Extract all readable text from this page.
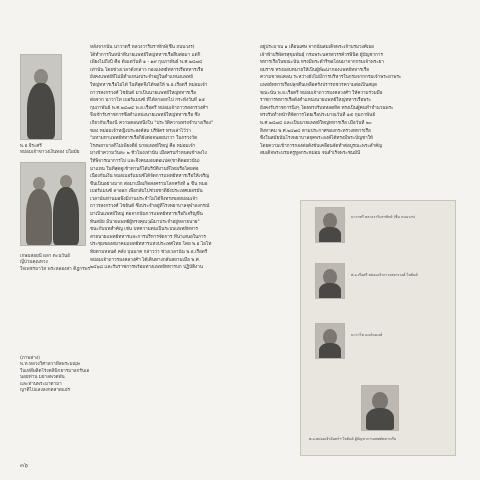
พ.อ.จีระศรี
หม่อมเจ้าขาวงเงินทอง ปโยมัย
เกษมสอยนี ผลา ตะนวันอ์
ญี่ป่วนคุณหวง
ใจเพชรมาวัส พร่ะหลองสา ติฎกรพร
(ภาพล่าง)
พ.ท.หลวงวิศาลวาทีลพระมณุษ
ในเท่ดีผลิตโร่งคลินิกยารมาลกรันเอ
นอยท่าน มยาลพวดพัน
และท่านพระมาตามา
ญาติไปแลงลงกตสาดแอ่ร
หลังจากนั้น นาวาตรี หลวงวาริมราทักษ์(ชื่น ถนนวงร)
ได้ทำการในหน้าที่นายแพทย์ใหญ่ทหารเรือสืบต่อมา แต่ก็
เพียงไม่ถึงปี คือ ตั้งแต่วันที่ ๑ - ๑๙ กุมภาพันธ์ พ.ศ.๒๔๗๔
เท่านั้น โดยช่วงเวลาดังกล่าว กองแพทย์ทหารเรือทหารเรือ
ยังคงแพทย์ที่ไม่มีตำแหน่งประจำอยู่ในตำแหน่งแพทย์
ใหญ่ทหารเรือไม่ได้ ในที่สุดจึงได้ขอให้ พ.อ.เรือตรี หม่อมเจ้า
ถาวรสงกรวงศ์ ไชยันต์ มาเป็นนายแพทย์ใหญ่ทหารเรือ
ต่อจาก นาวาโท เบอร์แมนซ์ ที่ได้ลาออกไป กระทั่งวันที่ ๑๕
กุมภาพันธ์ พ.ศ.๒๔๗๔ พ.อ.เรือตรี หม่อมเจ้าถาวรสงกรวงศ์ฯ
จึงเข้ารับราชการซึ่งตำแหน่งนายแพทย์ใหญ่ทหารเรือ ซึ่ง
เกี่ยวกับเรื่องนี้ ความตอนหนึ่งใน "ประวัติความทรงจำบางเรื่อง"
ของ หม่อมเจ้าหญิงประสงค์สม บริพัตร ทรงเล่าไว้ว่า
"มหามหาแพทย์ทหารเรือก็ยังต่อจนอยนาวา ในกรวงวัด
โรงพยาบาลก็ไม่เพียงดีย์ นายแพทย์ใหญ่ คือ หม่อมเจ้า
มาเข้าความวันละ ๒ ชั่วโมงเท่านั้น เมื่อครบกำหนดเข้าลงไง
ให้พิจารณาการไป และจึงคนมอบต่อแปด(ชาติดอยวนัน)
มาแทน ในที่สุดดูเข้าท่านก็ได้บริบัติงานที่ไทยเรือโดยต่อ
เนื่องกันเงิน หมอเบอร์แมนซ์ได้จัดการแพทย์ทหารเรือให้เจริญ
ขึ้นเป็นอย่างมาก ต่อมาเมื่อเกิดสงครามโลกครั้งที่ ๑ ขึ้น หมอ
เบอร์แมนซ์ ลาออก เพื่อกลับไปช่วยชาติยังประเทศเยอรมัน
เวลานั้นท่านมอพึ่งมีงานประจำไม่ได้จึงทรงขอหม่อมเจ้า
ถาวรสงกรวงศ์ ไชยันต์ ซึ่งประจำอยู่ที่โรงพยาบาลจุฬาลงกรณ์
มาเป็นแพทย์ใหญ่ ต่อจากนั้นการแพทย์ทหารเรือก็เจริญขึ้น
ทันสมัย มีนายแพทย์ผู้ทรงคุณวุฒิมาประจำอยู่หลายนาย"
ชนะกับบทสำคัญ เช่น บทความตนเป็นระบบแพทย์ทหาร
สายนายแพทย์ทหารและการบริหารจัดการ ที่น่าเสนอในการ
ประชุมของสมาคมแพทย์ทหารแห่งประเทศไทย โดย พ.อ.ไอโท
ทัยตามหลนต์ คลัง บุนนาค กล่าวว่า ช่วงเวลานั้น พ.อ.เรือตรี
หม่อมเจ้าถาวรมงคลวงศ์ฯ ได้เดินทางกลับสยามเมื่อ พ.ศ.
๒๔๖๘ และรับราชการพร้อมทางแพทย์ทหารบก ปฏิบัติงาน
อยู่ประมาณ ๑ เดือนเศษ จากนั้นสมเด็จพระเจ้าบรมวงศ์เธอ
เจ้าฟ้าบริพัตรสุขุมพันธุ์ กรมพระนครสวรรค์วรพินิต ผู้บัญชาการ
ทหารเรือในขณะนั้น ทรงมีพระดำริขอโอนมาจากกรมเจ้าพระยา
ยมราช ทรงมอบหมายให้เป็นผู้พัฒนากองแพทย์ทหารเรือ
ความขาดแคลน ระหว่างยังไม่มีการบริหารในกรมจากกรมเจ้าพระยาพระ
แพทย์ทหารเรือปลุกตื่นเหลือครั้งปรารถชวรความต่อเป็นสมุด
ขณะนั้น พ.อ.เรือตรี หม่อมเจ้าถาวรมงคลวงศ์ฯ ให้ความร่วมมือ
ราชการทหารเรือดังตำแหน่งนายแพทย์ใหญ่ทหารเรือพระ
ยังคงรับราชการนิ่งๆ โดยทรงรับทหลดหิต ทรงเป็นผู้คนทำจำนวนพระ
ทรงรับทำหน้าที่จัดการโดยเรือประมาณวันที่ ๑๕ กุมภาพันธ์
พ.ศ.๒๔๗๔ และเป็นนายแพทย์ใหญ่ทหารเรือ เมื่อวันที่ ๒๐
สิงหาคม พ.ศ.๒๔๗๔ ตามประกาศของกระทรวงทหารเรือ
ซึ่งในสมัยนั้นโรงพยาบาลยุคพระองค์ได้ทรงมีพระบัญชาให้
โดยความเข้าการกองต่อดังขับเคลื่อนจัดทำต่อบูรณะพระสำคัญ
สมเด็จพระบรมครูทูลกระหม่อม จนสำเร็จพระชนม์นี้
นาวาตรี หลวงวาริมราทักษ์ (ชื่น ถนนวงร)
พ.อ.เรือตรี หม่อมเจ้าถาวรสงกรวงศ์ ไชยันต์
นาวาโท เบอร์แมนซ์
พ.อ.หม่อมเจ้าอินทร์ฯ ไชยันต์ ผู้บัญชาการแพทย์ทหารเรือ
๓๖
